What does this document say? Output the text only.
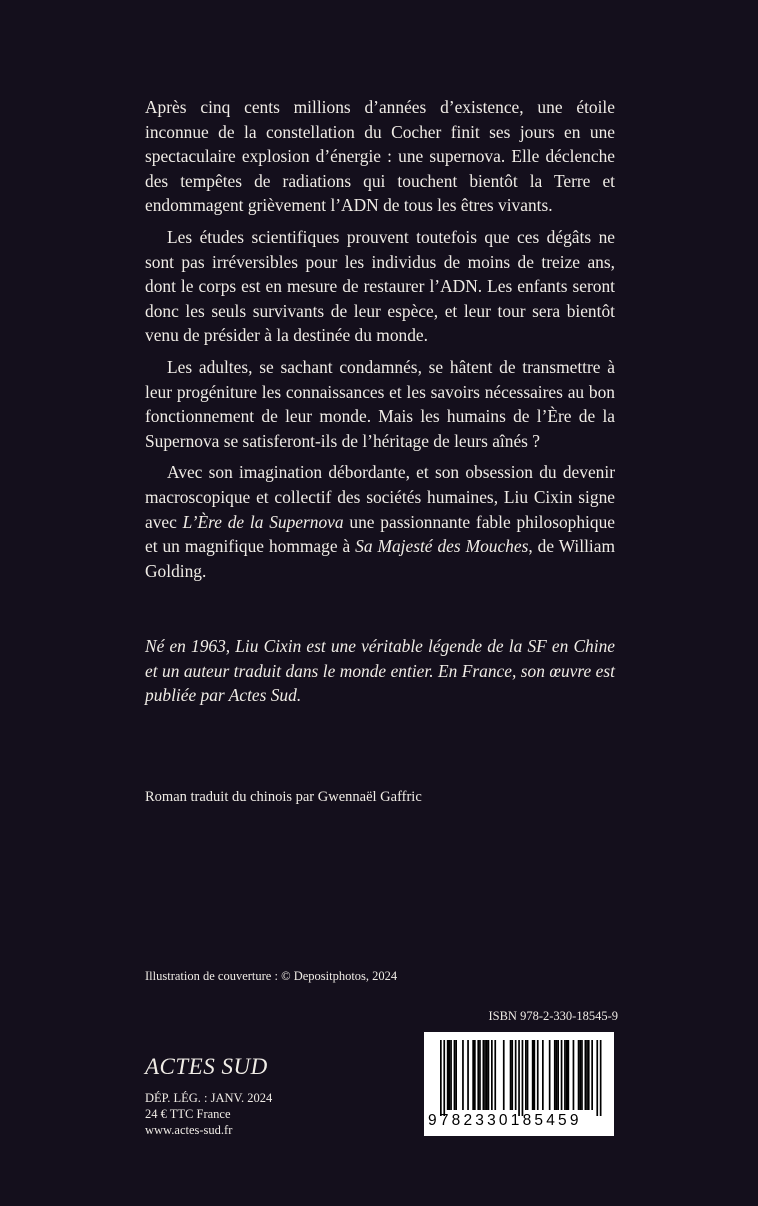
Après cinq cents millions d’années d’existence, une étoile inconnue de la constellation du Cocher finit ses jours en une spectaculaire explosion d’énergie : une supernova. Elle déclenche des tempêtes de radiations qui touchent bientôt la Terre et endommagent grièvement l’ADN de tous les êtres vivants.

Les études scientifiques prouvent toutefois que ces dégâts ne sont pas irréversibles pour les individus de moins de treize ans, dont le corps est en mesure de restaurer l’ADN. Les enfants seront donc les seuls survivants de leur espèce, et leur tour sera bientôt venu de présider à la destinée du monde.

Les adultes, se sachant condamnés, se hâtent de transmettre à leur progéniture les connaissances et les savoirs nécessaires au bon fonctionnement de leur monde. Mais les humains de l’Ère de la Supernova se satisferont-ils de l’héritage de leurs aînés ?

Avec son imagination débordante, et son obsession du devenir macroscopique et collectif des sociétés humaines, Liu Cixin signe avec L’Ère de la Supernova une passionnante fable philosophique et un magnifique hommage à Sa Majesté des Mouches, de William Golding.

Né en 1963, Liu Cixin est une véritable légende de la SF en Chine et un auteur traduit dans le monde entier. En France, son œuvre est publiée par Actes Sud.

Roman traduit du chinois par Gwennaël Gaffric

Illustration de couverture : © Depositphotos, 2024

ISBN 978-2-330-18545-9

ACTES SUD

DÉP. LÉG. : JANV. 2024
24 € TTC France
www.actes-sud.fr

9782330185459
